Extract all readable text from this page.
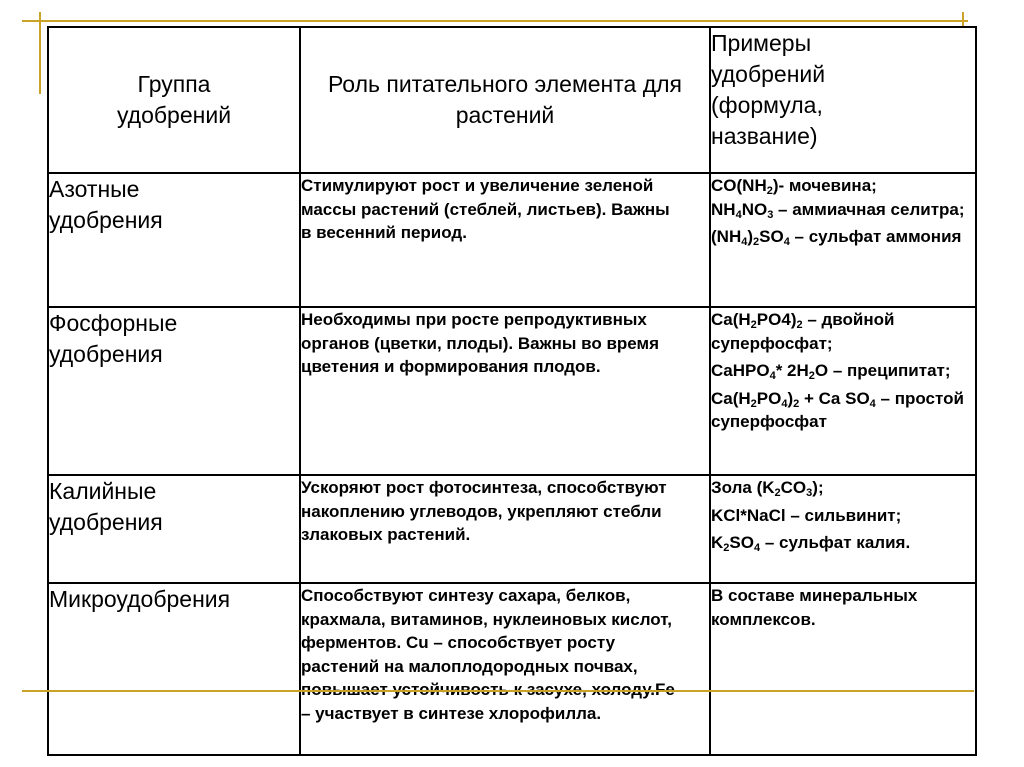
Группа удобрений	Роль питательного элемента для растений	Примеры удобрений (формула, название)

Азотные удобрения	Стимулируют рост и увеличение зеленой массы растений (стеблей, листьев). Важны в весенний период.	$CO(NH_2)-$ мочевина;
$NH_4NO_3$ – аммиачная селитра;
$(NH_4)_2SO_4$ – сульфат аммония

Фосфорные удобрения	Необходимы при росте репродуктивных органов (цветки, плоды). Важны во время цветения и формирования плодов.	$Ca(H_2PO4)_2$ – двойной суперфосфат;
CaHPO$_4$* $2H_2O$ – преципитат;
$Ca(H_2PO_4)_2 + Ca$ $SO_4$ – простой суперфосфат

Калийные удобрения	Ускоряют рост фотосинтеза, способствуют накоплению углеводов, укрепляют стебли злаковых растений.	Зола $(K_2CO_3)$;
KCl*NaCl – сильвинит;
$K_2SO_4$ – сульфат калия.

Микроудобрения	Способствуют синтезу сахара, белков, крахмала, витаминов, нуклеиновых кислот, ферментов. Cu – способствует росту растений на малоплодородных почвах, – участвует в синтезе хлорофилла.	В составе минеральных комплексов.
